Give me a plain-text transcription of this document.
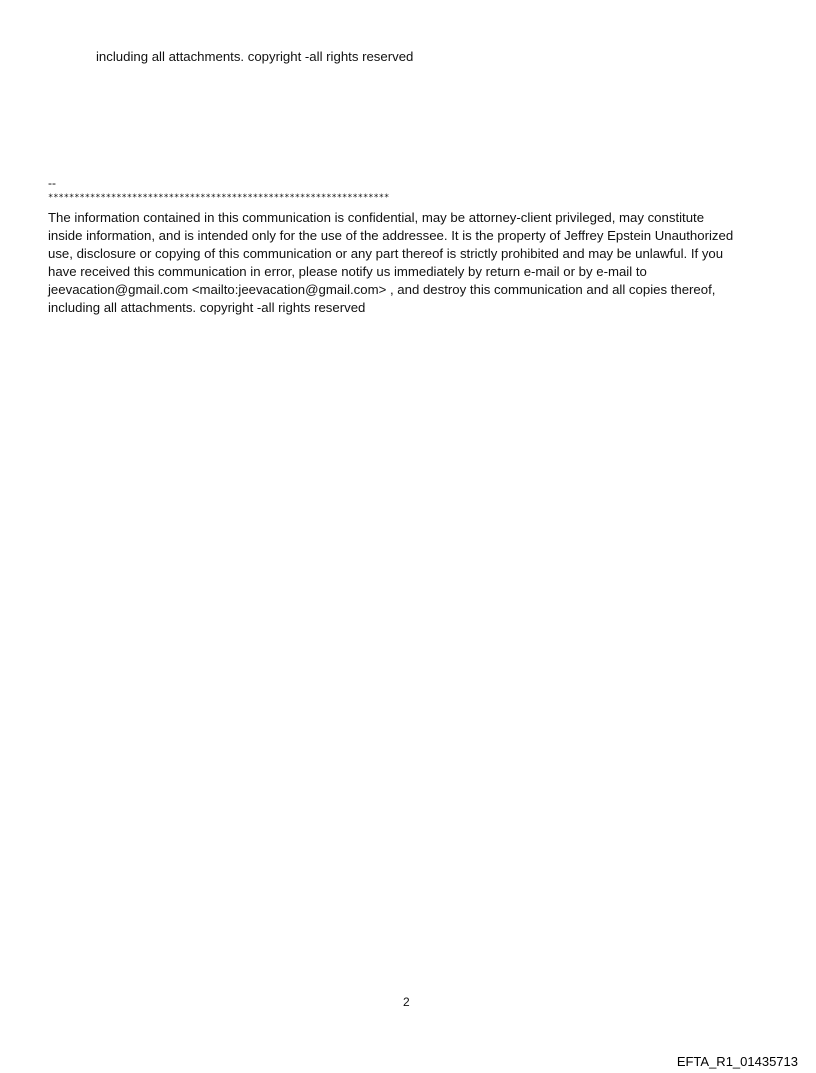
including all attachments. copyright -all rights reserved
--
*****************************************************************
The information contained in this communication is confidential, may be attorney-client privileged, may constitute
inside information, and is intended only for the use of the addressee. It is the property of Jeffrey Epstein Unauthorized
use, disclosure or copying of this communication or any part thereof is strictly prohibited and may be unlawful. If you
have received this communication in error, please notify us immediately by return e-mail or by e-mail to
jeevacation@gmail.com <mailto:jeevacation@gmail.com> , and destroy this communication and all copies thereof,
including all attachments. copyright -all rights reserved
2
EFTA_R1_01435713
